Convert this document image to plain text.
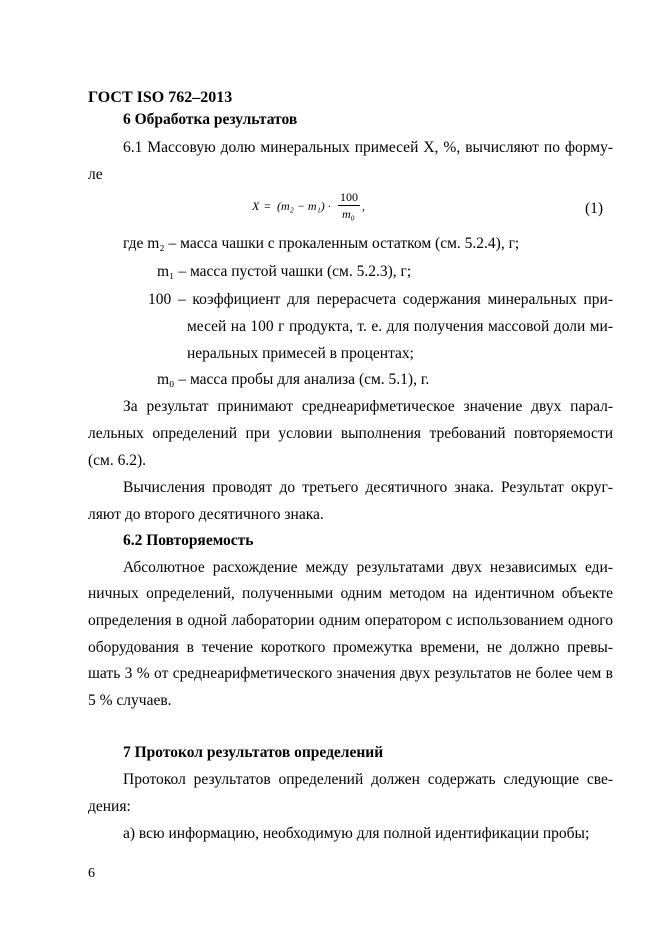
ГОСТ ISO 762–2013
6 Обработка результатов
6.1 Массовую долю минеральных примесей X, %, вычисляют по форму-
ле
X = (m₂ − m₁) ·
100
m₀
,	(1)
где m₂ – масса чашки с прокаленным остатком (см. 5.2.4), г;
m₁ – масса пустой чашки (см. 5.2.3), г;
100 – коэффициент для перерасчета содержания минеральных при-
месей на 100 г продукта, т. е. для получения массовой доли ми-
неральных примесей в процентах;
m₀ – масса пробы для анализа (см. 5.1), г.
За результат принимают среднеарифметическое значение двух парал-
лельных определений при условии выполнения требований повторяемости
(см. 6.2).
Вычисления проводят до третьего десятичного знака. Результат округ-
ляют до второго десятичного знака.
6.2 Повторяемость
Абсолютное расхождение между результатами двух независимых еди-
ничных определений, полученными одним методом на идентичном объекте
определения в одной лаборатории одним оператором с использованием одного
оборудования в течение короткого промежутка времени, не должно превы-
шать 3 % от среднеарифметического значения двух результатов не более чем в
5 % случаев.
7 Протокол результатов определений
Протокол результатов определений должен содержать следующие све-
дения:
а) всю информацию, необходимую для полной идентификации пробы;
6
